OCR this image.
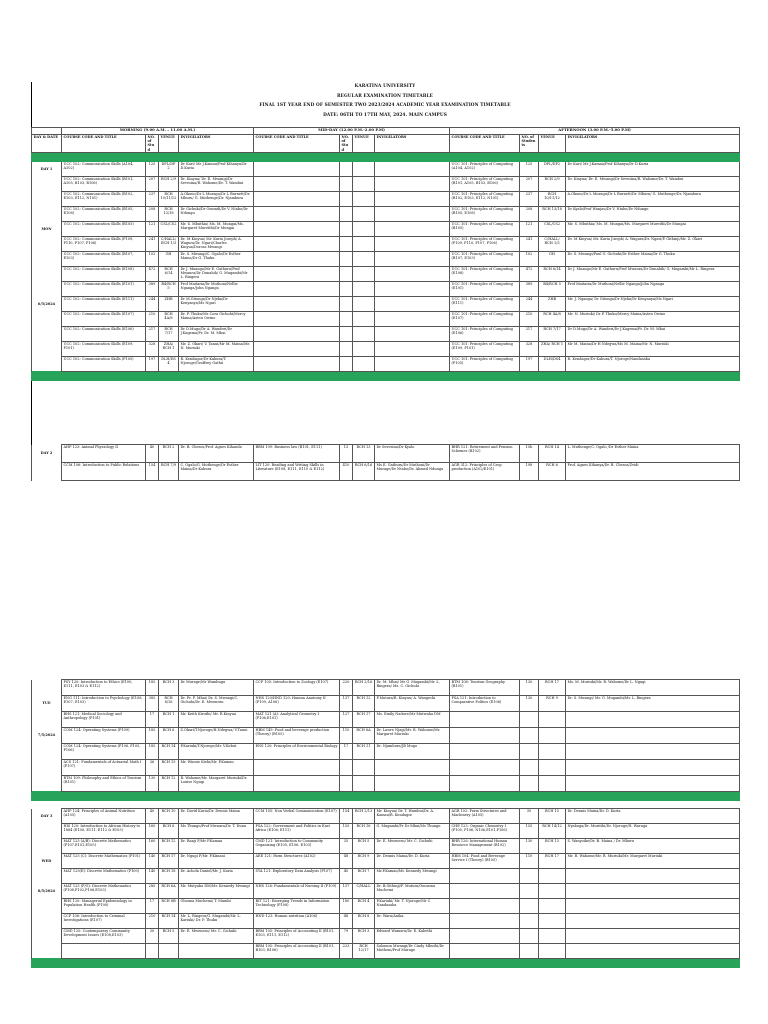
KARATINA UNIVERSITY
REGULAR EXAMINATION TIMETABLE
FINAL 1ST YEAR END OF SEMESTER TWO 2023/2024 ACADEMIC YEAR EXAMINATION TIMETABLE
DATE: 06TH TO 17TH MAY, 2024. MAIN CAMPUS
	MORNING (9.00 A.M. – 11.00 A.M.)				MID-DAY (12.00 P.M.-2.00 P.M)				AFTERNOON (3.00 P.M.-5.00 P.M)			
DAY & DATE	COURSE CODE AND TITLE	NO. of Stud	VENUE	INVIGILATORS	COURSE CODE AND TITLE	NO. of Stud	VENUE	INVIGILATORS	COURSE CODE AND TITLE	NO. of Students	VENUE	INVIGILATORS

DAY 1	UCC 102: Communication Skills (A104, A102)	125	DFL/DF2	Dr Kuri/ Mr J.Kamau/Prof Kihanya/Dr D.Kuria					UCC 101: Principles of Computing (A104, A102)	125	DFL/DF2	Dr Kuri/ Mr J.Kamau/Prof Kihanya/Dr D.Kuria
	UCC 102: Communication Skills (B101, A105, B103, B106)	207	RCH 2/9	Dr. Kinyua/ Dr. E. Mwangi/Dr Sevesina/R. Wahome/Dr. T. Wambui					UCC 101: Principles of Computing (B101, A105, B103, B106)	207	RCH 2/9	Dr. Kinyua/ Dr. E. Mwangi/Dr Sevesina/R. Wahome/Dr. T. Wambui
	UCC 102: Communication Skills (B102, E103, E112, N101)	237	RCH 10/11/12	A.Okono/Dr L Muragu/Dr L Burnett/Dr. Mburu/ G. Muthenge/Dr. Njambura					UCC 101: Principles of Computing (B102, E103, E112, N101)	237	RCH 10/11/12	A.Okono/Dr L Muragu/Dr L Burnett/Dr. Mburu/ G. Muthenge/Dr. Njambura
	UCC 102: Communication Skills (B105, E108)	208	RCH 13/18	Dr Gichuki/Dr Omondi/Dr V. Ntabo/Dr Ndungu					UCC 101: Principles of Computing (B105, E108)	208	RCH 13/18	Dr Kyalo/Prof Wanjau/Dr V. Ntabo/Dr Ndungu
MON	UCC 102: Communication Skills (B105)	121	CSL/CS2	Mr. S. Mbuthia/ Ms. M. Mungai/Ms. Margaret Mureithi/Dr Mungai					UCC 101: Principles of Computing (B105)	121	CSL/CS2	Mr. S. Mbuthia/ Ms. M. Mungai/Ms. Margaret Mureithi/Dr Mungai
	UCC 102: Communication Skills (P109, P110, P107, P106)	241	C/HALL/ RCH 1/3	Dr. M Kinyua/ Mr. Kuria Joseph/ A. Wagura/Dr. Ngari/Charles Kinyua/Dorcas Mwangi					UCC 101: Principles of Computing (P109, P110, P107, P106)	241	C/HALL/ RCH 1/3	Dr. M Kinyua/ Mr. Kuria Joseph/ A. Wagura/Dr. Ngari/P. Githinji/Mr. Z. Okari
	UCC 102: Communication Skills (B107, E103)	102	GH	Dr. S. Mwangi/C. Ogalo/Dr Esther Maina/Dr G. Thuku					UCC 101: Principles of Computing (B107, E103)	102	GH	Dr. S. Mwangi/Paul G. Gichuhi/Dr Esther Maina/Dr G. Thuku
	UCC 102: Communication Skills (E108)	472	RCH 6/14	Dr J. Muango/Mr E. Gathuru/Prof Mwaura/Dr Dunahih/ G. Mugambi/Mr L. Ringera					UCC 101: Principles of Computing (E108)	472	RCH 6/14	Dr J. Muango/Mr E. Gathuru/Prof Mwaura/Dr Dunahih/ G. Mugambi/Mr L. Ringera
	UCC 102: Communication Skills (E101)	389	B4/RCH 5	Prof Maitaria/Dr Muthoni/Nellie Nganga/John Nganga					UCC 101: Principles of Computing (E101)	389	B4/RCH 5	Prof Maitaria/Dr Muthoni/Nellie Nganga/John Nganga
6/5/2024	UCC 102: Communication Skills (E111)	244	ZHB	Dr M.Gitonga/Dr Njeka/Dr Kenyanya/Ms Ngari					UCC 101: Principles of Computing (E111)	244	ZHB	Mr. J. Nganga/ Dr Gitonga/Dr Njeka/Dr Kenyanya/Ms Ngari
	UCC 102: Communication Skills (E107)	210	RCH 4A/8	Dr. P. Thuku/Ms Cora Gichuhi/Mercy Maina/Asten Owino					UCC 101: Principles of Computing (E107)	210	RCH 4A/8	Mr. N. Muriuki/ Dr P. Thuku/Mercy Maina/Asten Owino
	UCC 102: Communication Skills (E106)	217	RCH 7/17	Dr D.Mugo/Dr A. Wanderi/Dr J.Kagema/Fr. Dr. M. Mbai					UCC 101: Principles of Computing (E106)	217	RCH 7/17	Dr D.Mugo/Dr A. Wanderi/Dr J.Kagema/Fr. Dr. M. Mbai
	UCC 102: Communication Skills (E109, P101)	328	ZHA/ RCH 1	Mr. Z. Okari/ V. Tanui/Mr M. Maina/Mr. N. Muriuki					UCC 101: Principles of Computing (E109, P101)	328	ZHA/ RCH 1	Mr M. Maina/Dr H Ndegwa/Ms M. Maina/Mr. N. Muriuki
	UCC 102: Communication Skills (P105)	197	DLH/DS4	R. Kendagor/Dr Kahura/T. Njoroge/Geoffrey Gathii					UCC 101: Principles of Computing (P105)	197	DLH/DS4	R. Kendagor/Dr Kahura/T. Njoroge/Nandasaba

DAY 2	AHP 123: Animal Physiology II	40	RCH 2	Dr. B. Chesos/Prof. Agnes Kihanda	BBM 109: Business law (B101, E111)	13	RCH 13	Dr Sevesina/Dr Kyalo	BHR 121: Retirement and Pension Schemes (B102)	15b	RCH 14	L. Muthenge/C. Ogalo /Dr Esther Maina
	CCM 106: Introduction to Public Relations	154	RCH 7/9	C. Ogalo/G. Muthenge/Dr Esther Maina/Dr Kahura	LIT 120: Reading and Writing Skills in Literature (E108, E111, E110 & E112)	410	RCH 6/16	Ms E. Gathuru/Dr Muthoni/Dr Murage/Dr Ntabo/Dr. Ahmed Ndungu	AGR 312: Principles of Crop production (A102/E101)	198	RCH 6	Prof. Agnes Kihanya/Dr. B. Chesos/Zvidi
	PSY 120: Introduction to Ethics (E100, E111, E103 & E112)	185	RCH 3	Dr Murage/Mr Wambugu	CCP 105: Introduction to Zoology (E107)	220	RCH 2/16	Dr. M. Mbai/ Mr G. Mugambi/Mr. L. Ringera/ Ms. C. Gichuhi	BTM 108: Tourism Geography (B101)	130	RCH 17	Ms. M. Muriuki/Mr. R. Wahome/Dr L. Ngugi
TUE	ENG 111: Introduction to Psychology (E108, E107, E103)	385	RCH 8/16	Dr. Fr. F. Mbai/ Dr. S. Mwangi/C. Gichuhi/Dr. E. Mwenesu	NHS 120/HND 120: Human Anatomy II (P109, A106)	137	RCH 12	F.Mutura/R. Kinyua/ A. Wangechi	PSA 121: Introduction to Comparative Politics (E106)	130	RCH 9	Dr. S. Mwangi/ Mr. G. Mugambi/Mr. L. Ringera
	BHS 121: Medical Sociology and Anthropology (P101)	17	RCH 1	Mr. Keith Kiruthi/ Mr. R.Kinyua	MAT 121 (A): Analytical Geometry I (P106,E101)	127	RCH 17	Ms. Emily Naitore/Mr Mutwaha DM				
7/5/2024	COM 124: Operating Systems (P109)	185	RCH 6	Z.Okari/T.Njoroge/H.Ndegwa/ V.Tanui	HBM 149: Food and beverage production (Theory) (B105)	110	RCH 6A	Dr. Lawre Njagi/Mr. R. Wahome/Mr. Margaret Muriuki				
	COM 124: Operating Systems (P106, P105, P106)	185	RCH 14	P.Kariuki/T.Njoroge/Mr. V.Kebut	ENS 120: Principles of Environmental Biology	17	RCH 11	Dr. Njambura/JB Mugo				
	ACS 121: Fundamentals of Actuarial Math I (P107)	36	RCH 15	Mr. Winnie Kiehi/Mr. P.Kamau								
	BTM 109: Philosophy and Ethics of Tourism (B101)	130	RCH 12	R. Wahome/Mr. Margaret Muriuki/Dr. Louise Ngugi								

DAY 3	AHP 124: Principles of Animal Nutrition (A105)	40	RCH 10	Dr. David Kuria/Dr. Dennis Maina	CCM 105: Non Verbal Communication (E107)	154	RCH 2/13	Mr. Kinyua/ Dr. T. Wambui/Dr. A. Kamau/R. Kendagor	AGR 102: Farm Structures and Machinery (A105)	30	RCH 15	Dr. Dennis Maina/Dr. D. Kuria
	HIS 120: Introduction to African History to 1884 (E100, E111, E112 & E103)	160	RCH 6	Ms Thungu/Prof Mwaura/Dr. T. Dunu	PSA 122: Government and Politics in East Africa (E106, E111)	155	RCH 16	G. Mugambi/Fr Dr Mbai/Ms Thungu	CHE 123: Organic Chemistry I (P105, P106, N106,E101,P106)	155	RCH 14/12	Nyaboga/Dr. Muriithi/Dr. Njoroge/H. Waruga
	MAT 125 (A/B): Discrete Mathematics (P107,E101,E105)	160	RCH 12	Dr. Ranji F/Mr P.Kamau	CMD 121: Introduction to Community Organizing (E105, E106, E103)	35	RCH 5	Dr. E. Mwenesu/ Mr. C. Gichuhi	BHR 126: International Human Resource Management (B102)	130	RCH 13	S. Wanyoike/Dr. B. Maina / Dr. Mburu
WED	MAT 125 (C): Discrete Mathematics (P101)	140	RCH 17	Dr. Ngugi F/Mr. P.Kimani	AEE 121: Farm Structures (A102)	48	RCH 9	Dr. Dennis Maina/Dr. D. Kuria	HBM 104: Food and Beverage Service I (Theory) (B105)	110	RCH 17	Mr. R. Wahome/Mr. R. Muriuki/Mr. Margaret Muriuki
	MAT 125(E): Discrete Mathematics (P100)	140	RCH 18	Dr. Achola Daniel/Mr. J. Kuria	STA 121: Exploratory Data Analysis (P107)	40	RCH 7	Mr.P.Kamau/Mr. Kennedy Mwangi				
8/5/2024	MAT 125 (F/G): Discrete Mathematics (P108,P102,P106,E103)	280	RCH 6A	Mr. Mutyaba DM/Mr. Kennedy Mwangi	NHS 126: Fundamentals of Nursing II (P109)	137	C/HALL	Dr. B.Githinji/F. Mutura/Omosmu Muchemi				
	BHS 120: Managerial Epidemiology in Population Health (P100)	17	RCH 8B	Oluoma Muchemi/ T. Mumbi	BIT 121: Emerging Trends in Information Technology (P108)	180	RCH 4	P.Kariuki/ Mr. T. Njoroge/Mr C. Nandasaba				
	CCP 106: Introduction to Criminal Investigations (E107)	210	RCH 14	Mr. L. Ringera/G. Mugambi/Mr. L. Kariuki/ Dr. P. Thuku	HND 123: Human nutrition (A106)	48	RCH 8	Dr. Waru/Anika				
	CMD 120: Contemporary Community Development Issues (E108,E103)	30	RCH 5	Dr. E. Mwenesu/ Mr. C. Gichuhi	BBM 105: Principles of Accounting II (B101, E103, E111, E112)	79	RCH 3	Edward Wamoru/Dr. E. Kabethi				
					BBM 105: Principles of Accounting II (B101, B103, B106)	223	RCH 12/17	Solomon Mwangi/Dr Cindy Mbuthi/Dr Muthoni/Prof Murage				
